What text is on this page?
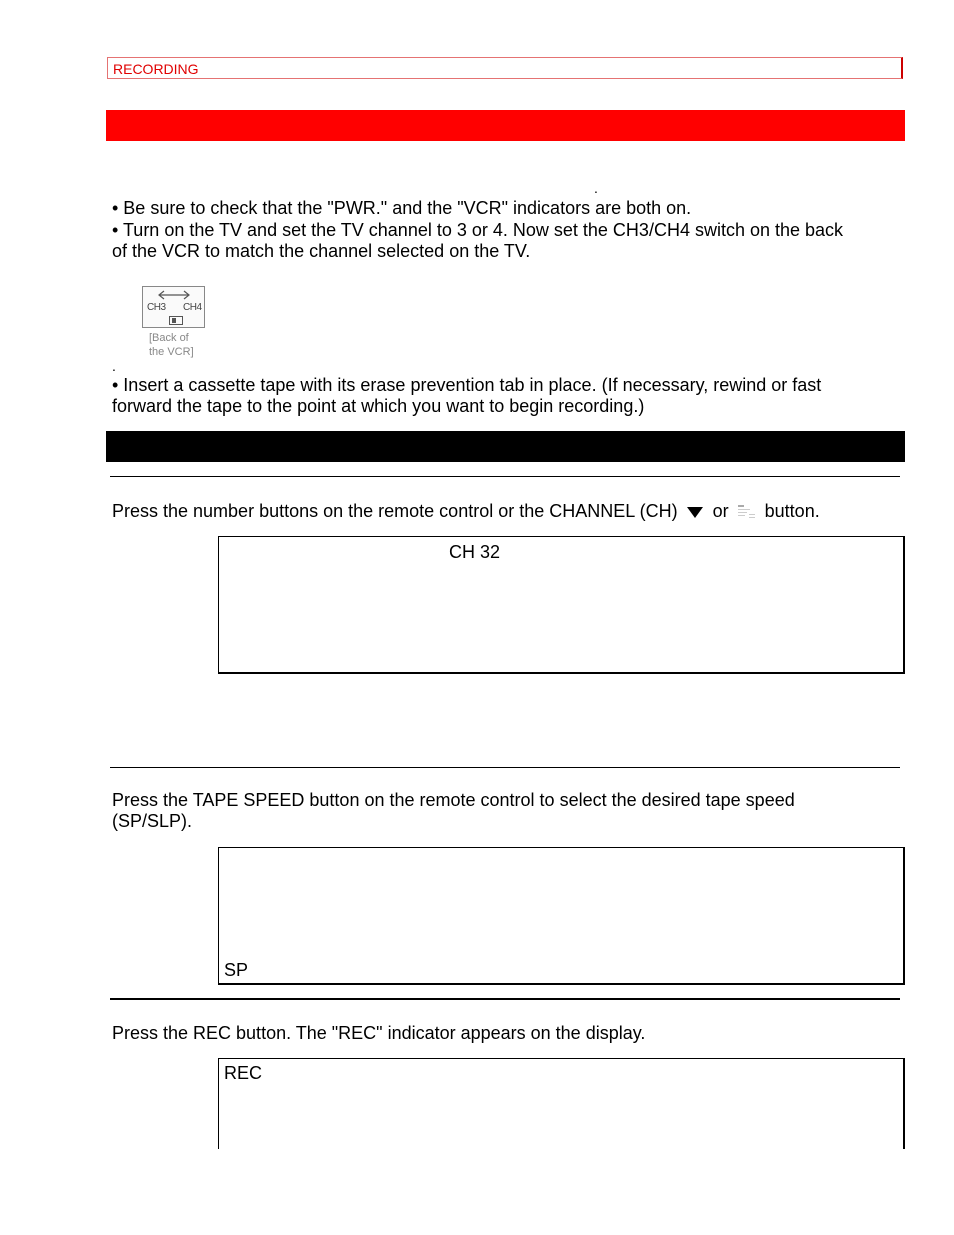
RECORDING
.
• Be sure to check that the "PWR." and the "VCR" indicators are both on.
• Turn on the TV and set the TV channel to 3 or 4. Now set the CH3/CH4 switch on the back
of the VCR to match the channel selected on the TV.
CH3 CH4
[Back of
the VCR]
.
• Insert a cassette tape with its erase prevention tab in place. (If necessary, rewind or fast
forward the tape to the point at which you want to begin recording.)
Press the number buttons on the remote control or the CHANNEL (CH) or button.
CH 32
Press the TAPE SPEED button on the remote control to select the desired tape speed
(SP/SLP).
SP
Press the REC button. The "REC" indicator appears on the display.
REC
